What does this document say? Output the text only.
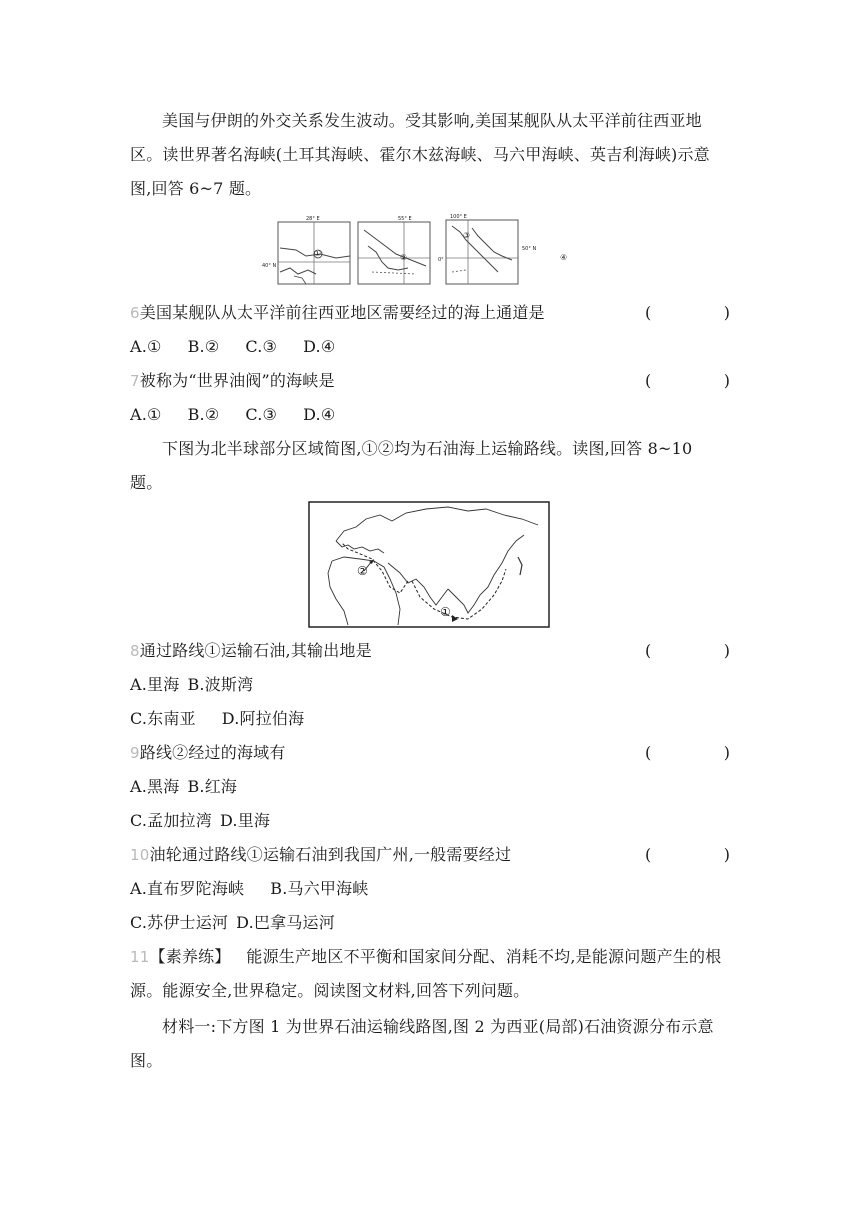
美国与伊朗的外交关系发生波动。受其影响,美国某舰队从太平洋前往西亚地区。读世界著名海峡(土耳其海峡、霍尔木兹海峡、马六甲海峡、英吉利海峡)示意图,回答 6~7 题。
28° E
40° N
①
55° E
②
100° E
0°
③
50° N
④
6美国某舰队从太平洋前往西亚地区需要经过的海上通道是	(	)
A.① B.② C.③ D.④
7被称为“世界油阀”的海峡是	(	)
A.① B.② C.③ D.④
下图为北半球部分区域简图,①②均为石油海上运输路线。读图,回答 8~10 题。
②
①
8通过路线①运输石油,其输出地是	(	)
A.里海 B.波斯湾
C.东南亚 D.阿拉伯海
9路线②经过的海域有	(	)
A.黑海 B.红海
C.孟加拉湾 D.里海
10油轮通过路线①运输石油到我国广州,一般需要经过	(	)
A.直布罗陀海峡 B.马六甲海峡
C.苏伊士运河 D.巴拿马运河
11【素养练】 能源生产地区不平衡和国家间分配、消耗不均,是能源问题产生的根源。能源安全,世界稳定。阅读图文材料,回答下列问题。
材料一:下方图 1 为世界石油运输线路图,图 2 为西亚(局部)石油资源分布示意图。
